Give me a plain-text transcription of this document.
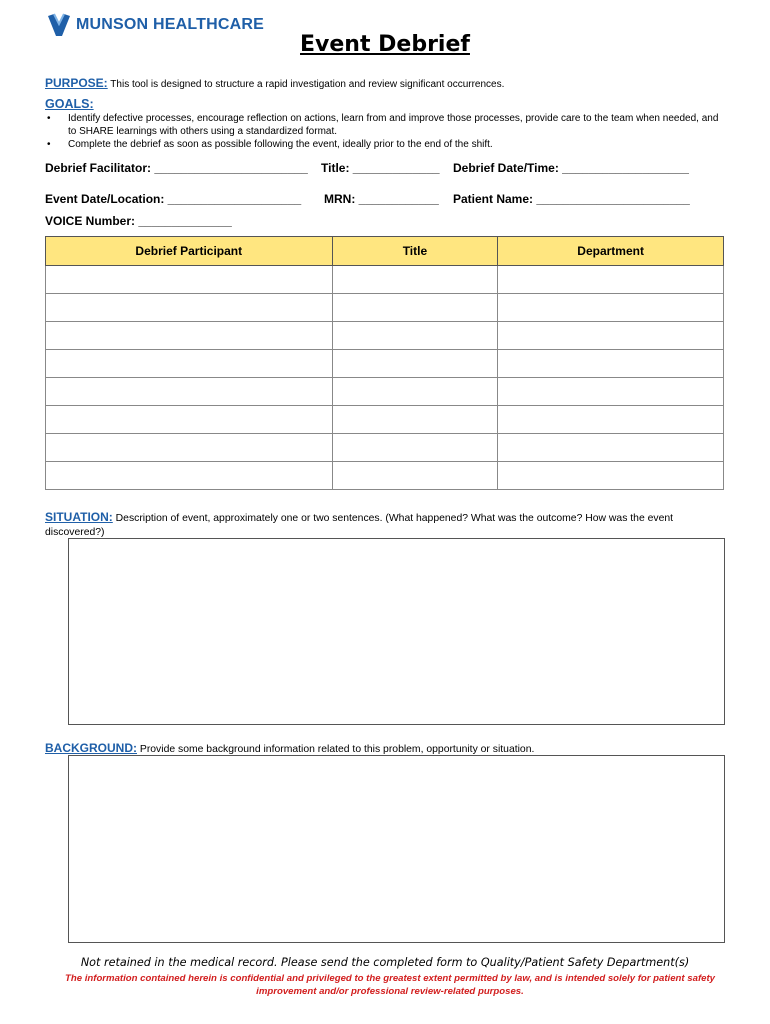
MUNSON HEALTHCARE
Event Debrief
PURPOSE: This tool is designed to structure a rapid investigation and review significant occurrences.
GOALS:
• Identify defective processes, encourage reflection on actions, learn from and improve those processes, provide care to the team when needed, and to SHARE learnings with others using a standardized format.
• Complete the debrief as soon as possible following the event, ideally prior to the end of the shift.
Debrief Facilitator: _______________________ Title: _____________ Debrief Date/Time: ___________________
Event Date/Location: ____________________ MRN: ____________ Patient Name: _______________________
VOICE Number: ______________
Debrief Participant	Title	Department

SITUATION: Description of event, approximately one or two sentences. (What happened? What was the outcome? How was the event discovered?)
BACKGROUND: Provide some background information related to this problem, opportunity or situation.
Not retained in the medical record. Please send the completed form to Quality/Patient Safety Department(s)
The information contained herein is confidential and privileged to the greatest extent permitted by law, and is intended solely for patient safety improvement and/or professional review-related purposes.
